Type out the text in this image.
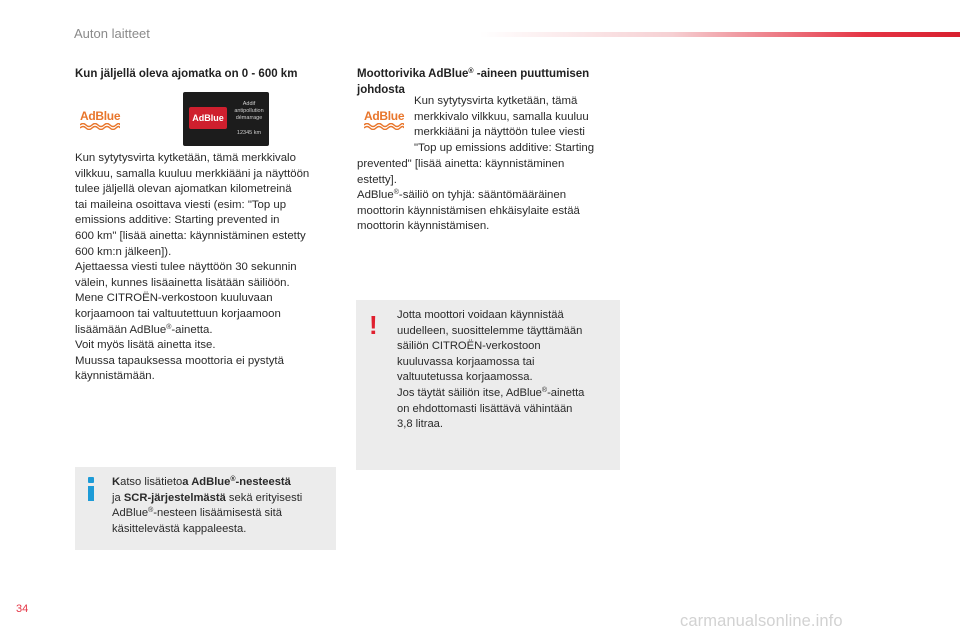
Auton laitteet
Kun jäljellä oleva ajomatka on 0 - 600 km
AdBlue	AdBlue
Addif
antipollution
démarrage
12345 km
Kun sytytysvirta kytketään, tämä merkkivalo
vilkkuu, samalla kuuluu merkkiääni ja näyttöön
tulee jäljellä olevan ajomatkan kilometreinä
tai maileina osoittava viesti (esim: "Top up
emissions additive: Starting prevented in
600 km" [lisää ainetta: käynnistäminen estetty
600 km:n jälkeen]).
Ajettaessa viesti tulee näyttöön 30 sekunnin
välein, kunnes lisäainetta lisätään säiliöön.
Mene CITROËN-verkostoon kuuluvaan
korjaamoon tai valtuutettuun korjaamoon
lisäämään AdBlue®-ainetta.
Voit myös lisätä ainetta itse.
Muussa tapauksessa moottoria ei pystytä
käynnistämään.
Katso lisätietoa AdBlue®-nesteestä
ja SCR-järjestelmästä sekä erityisesti
AdBlue®-nesteen lisäämisestä sitä
käsittelevästä kappaleesta.
Moottorivika AdBlue® -aineen puuttumisen
johdosta
AdBlue
Kun sytytysvirta kytketään, tämä
merkkivalo vilkkuu, samalla kuuluu
merkkiääni ja näyttöön tulee viesti
"Top up emissions additive: Starting
prevented" [lisää ainetta: käynnistäminen
estetty].
AdBlue®-säiliö on tyhjä: sääntömääräinen
moottorin käynnistämisen ehkäisylaite estää
moottorin käynnistämisen.
! Jotta moottori voidaan käynnistää
uudelleen, suosittelemme täyttämään
säiliön CITROËN-verkostoon
kuuluvassa korjaamossa tai
valtuutetussa korjaamossa.
Jos täytät säiliön itse, AdBlue®-ainetta
on ehdottomasti lisättävä vähintään
3,8 litraa.
34
carmanualsonline.info
